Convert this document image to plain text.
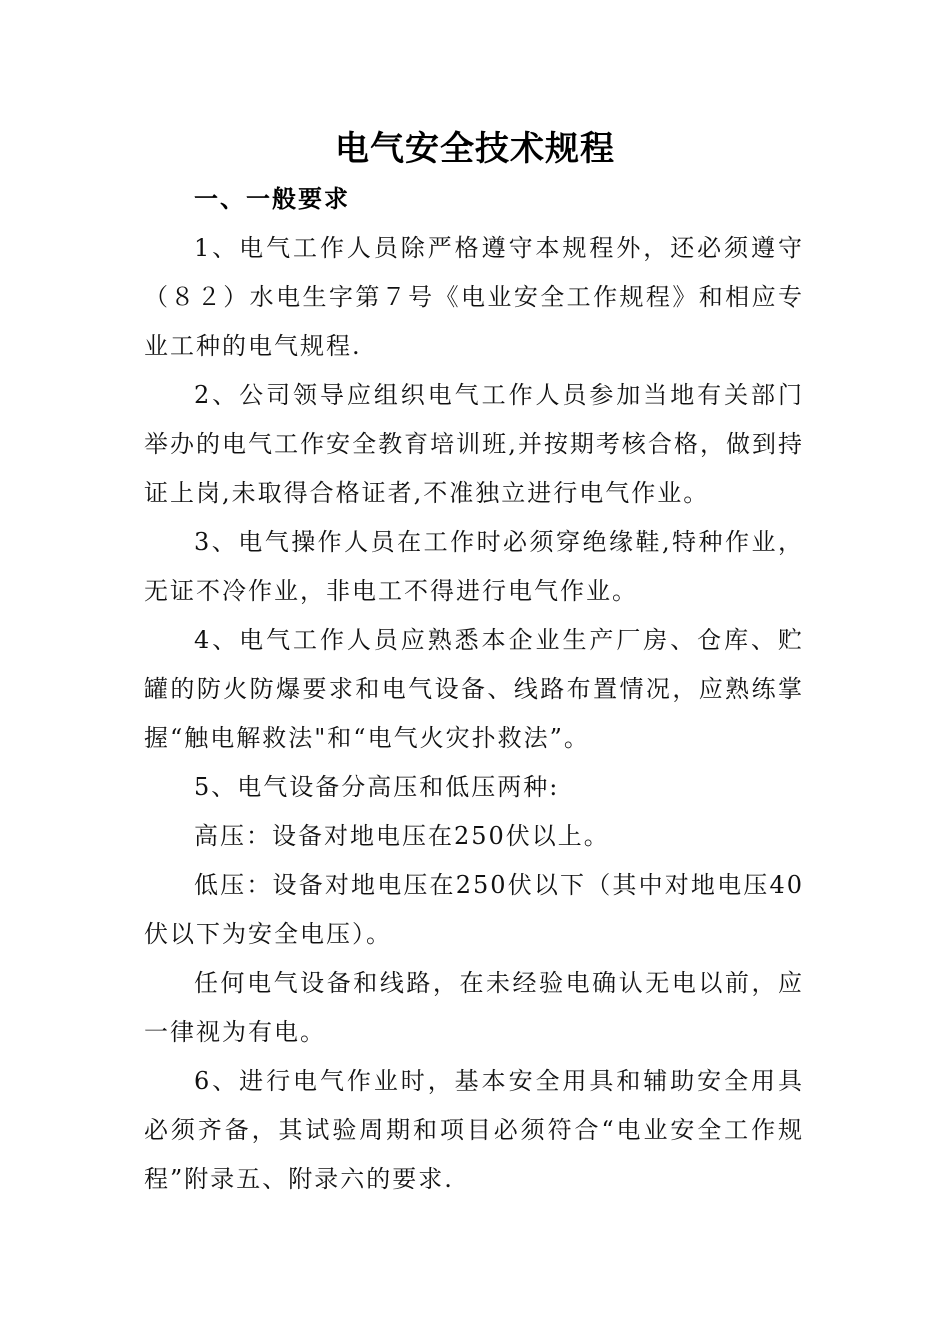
电气安全技术规程
一、一般要求

1、电气工作人员除严格遵守本规程外，还必须遵守（８２）水电生字第７号《电业安全工作规程》和相应专业工种的电气规程.

2、公司领导应组织电气工作人员参加当地有关部门举办的电气工作安全教育培训班,并按期考核合格，做到持证上岗,未取得合格证者,不准独立进行电气作业。

3、电气操作人员在工作时必须穿绝缘鞋,特种作业，无证不冷作业，非电工不得进行电气作业。

4、电气工作人员应熟悉本企业生产厂房、仓库、贮罐的防火防爆要求和电气设备、线路布置情况，应熟练掌握“触电解救法"和“电气火灾扑救法”。

5、电气设备分高压和低压两种:

高压：设备对地电压在250伏以上。

低压：设备对地电压在250伏以下（其中对地电压40伏以下为安全电压）。

任何电气设备和线路，在未经验电确认无电以前，应一律视为有电。

6、进行电气作业时，基本安全用具和辅助安全用具必须齐备，其试验周期和项目必须符合“电业安全工作规程”附录五、附录六的要求.
